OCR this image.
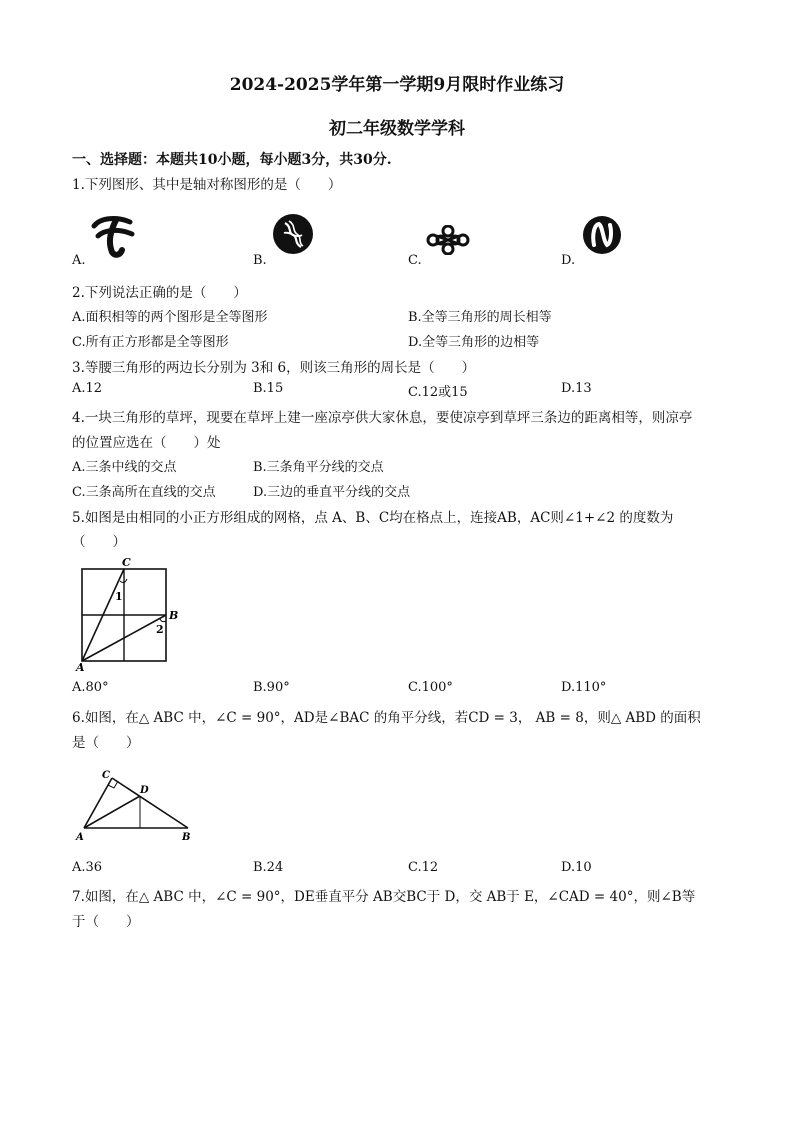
2024-2025学年第一学期9月限时作业练习
初二年级数学学科
一、选择题：本题共10小题，每小题3分，共30分.
1.下列图形、其中是轴对称图形的是（　　）
A.	B.	C.	D.
2.下列说法正确的是（　　）
A.面积相等的两个图形是全等图形	B.全等三角形的周长相等
C.所有正方形都是全等图形	D.全等三角形的边相等
3.等腰三角形的两边长分别为 3和 6，则该三角形的周长是（　　）
A.12	B.15	C.12或15	D.13
4.一块三角形的草坪，现要在草坪上建一座凉亭供大家休息，要使凉亭到草坪三条边的距离相等，则凉亭
的位置应选在（　　）处
A.三条中线的交点	B.三条角平分线的交点
C.三条高所在直线的交点	D.三边的垂直平分线的交点
5.如图是由相同的小正方形组成的网格，点 A、B、C均在格点上，连接AB，AC则∠1+∠2 的度数为
（　　）
C
1
B
2
A
A.80°	B.90°	C.100°	D.110°
6.如图，在△ ABC 中，∠C = 90°，AD是∠BAC 的角平分线，若CD = 3， AB = 8，则△ ABD 的面积
是（　　）
C
D
A	B
A.36	B.24	C.12	D.10
7.如图，在△ ABC 中，∠C = 90°，DE垂直平分 AB交BC于 D，交 AB于 E，∠CAD = 40°，则∠B等
于（　　）
